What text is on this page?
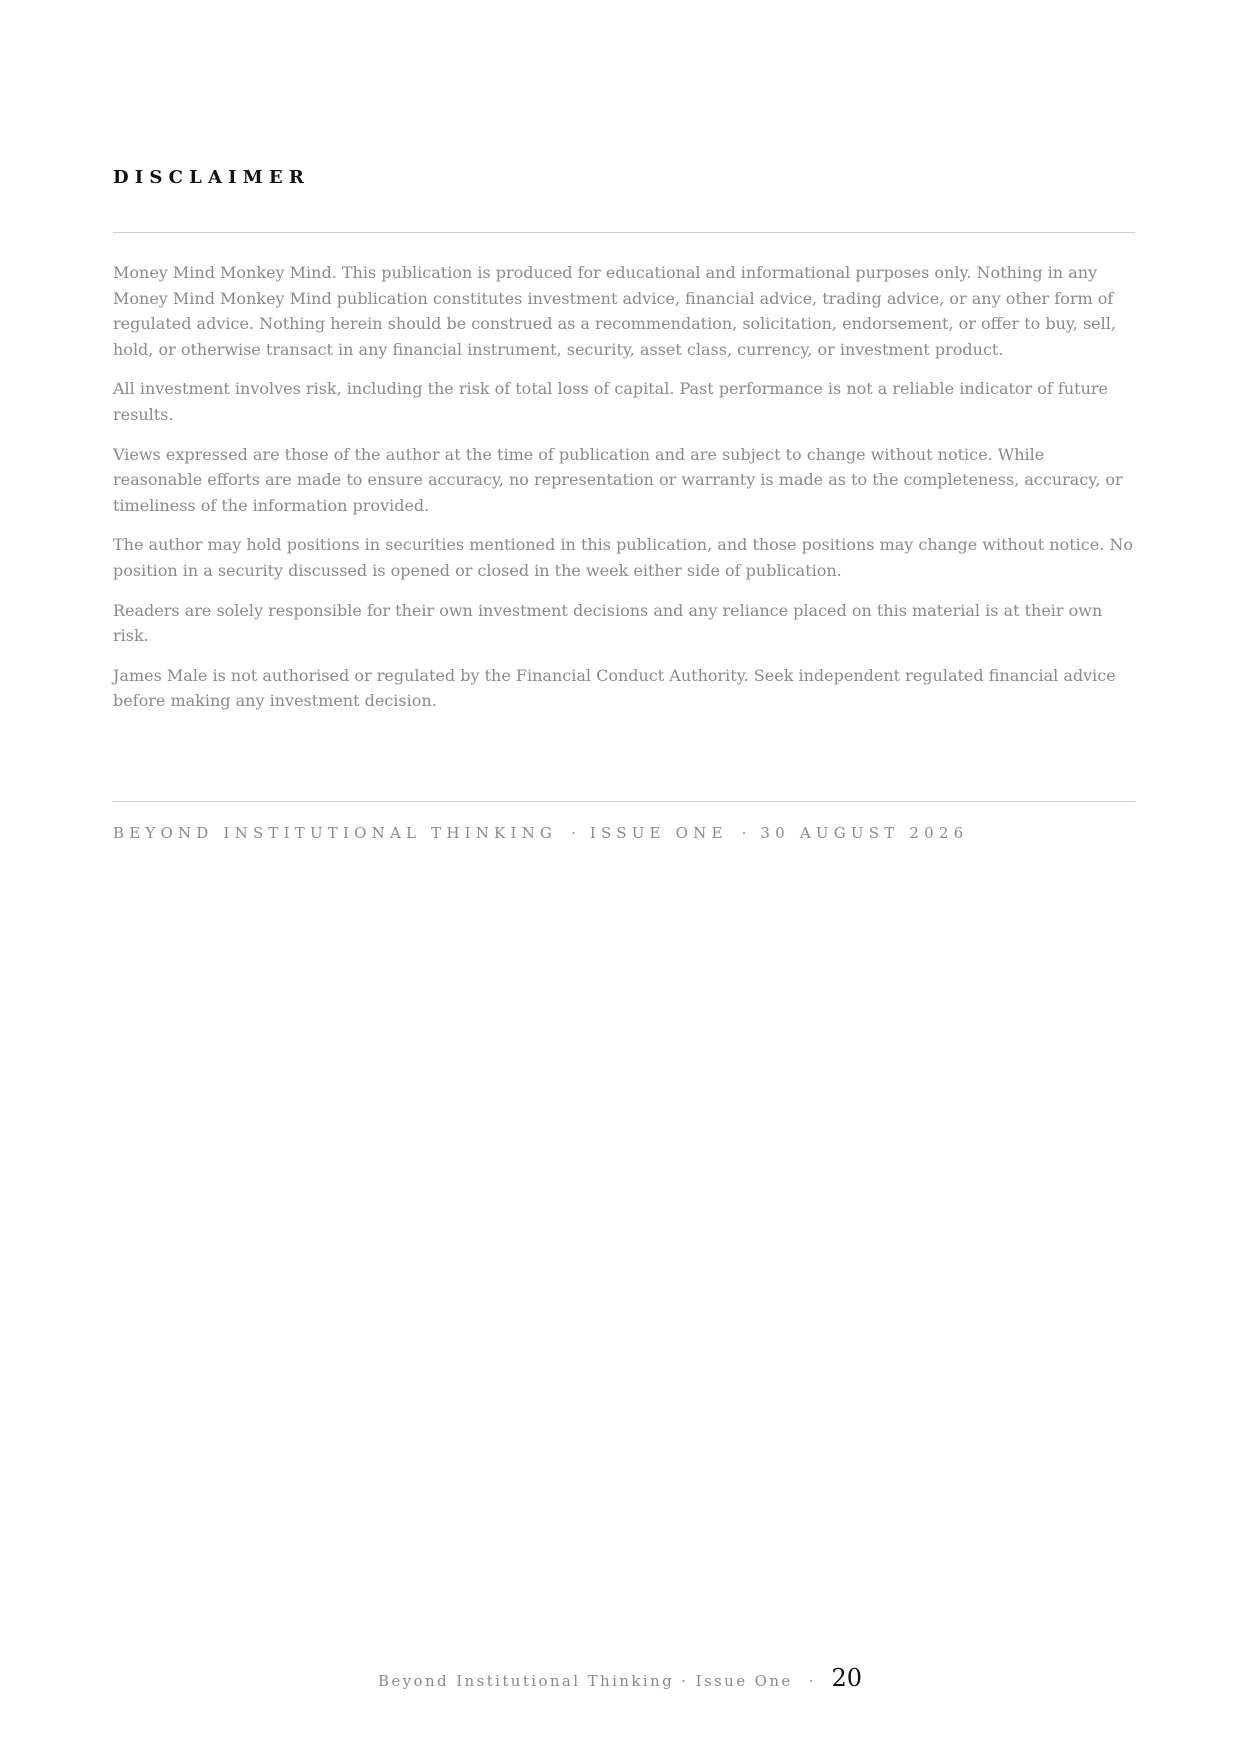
DISCLAIMER

Money Mind Monkey Mind. This publication is produced for educational and informational purposes only. Nothing in any Money Mind Monkey Mind publication constitutes investment advice, financial advice, trading advice, or any other form of regulated advice. Nothing herein should be construed as a recommendation, solicitation, endorsement, or offer to buy, sell, hold, or otherwise transact in any financial instrument, security, asset class, currency, or investment product.

All investment involves risk, including the risk of total loss of capital. Past performance is not a reliable indicator of future results.

Views expressed are those of the author at the time of publication and are subject to change without notice. While reasonable efforts are made to ensure accuracy, no representation or warranty is made as to the completeness, accuracy, or timeliness of the information provided.

The author may hold positions in securities mentioned in this publication, and those positions may change without notice. No position in a security discussed is opened or closed in the week either side of publication.

Readers are solely responsible for their own investment decisions and any reliance placed on this material is at their own risk.

James Male is not authorised or regulated by the Financial Conduct Authority. Seek independent regulated financial advice before making any investment decision.

BEYOND INSTITUTIONAL THINKING · ISSUE ONE · 30 AUGUST 2026
Beyond Institutional Thinking · Issue One · 20
